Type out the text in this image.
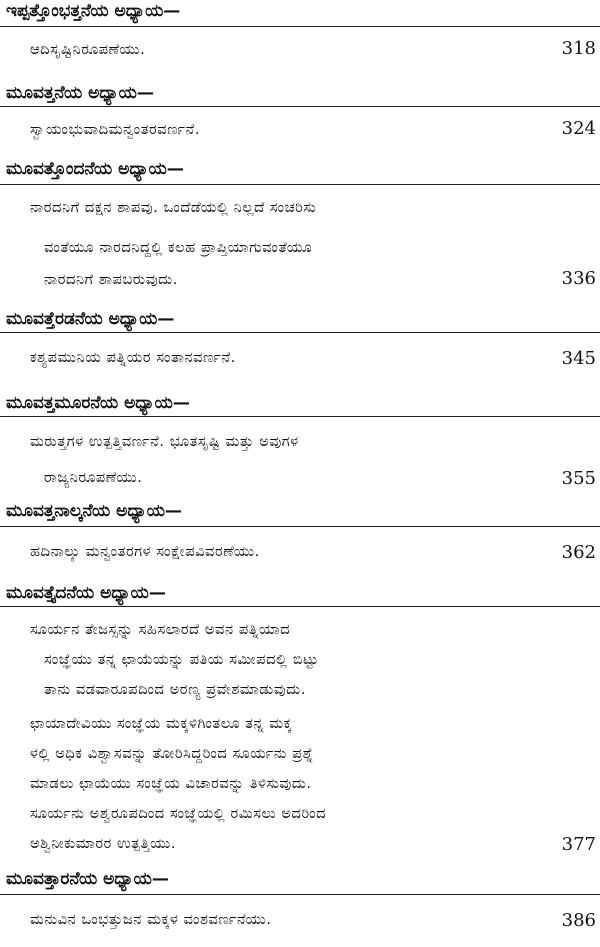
ಇಪ್ಪತ್ತೊಂಭತ್ತನೆಯ ಅಧ್ಯಾಯ—
ಆದಿಸೃಷ್ಟಿನಿರೂಪಣೆಯು.	318
ಮೂವತ್ತನೆಯ ಅಧ್ಯಾಯ—
ಸ್ವಾಯಂಭುವಾದಿಮನ್ವಂತರವರ್ಣನೆ.	324
ಮೂವತ್ತೊಂದನೆಯ ಅಧ್ಯಾಯ—
ನಾರದನಿಗೆ ದಕ್ಷನ ಶಾಪವು. ಒಂದೆಡೆಯಲ್ಲಿ ನಿಲ್ಲದೆ ಸಂಚರಿಸು
ವಂತೆಯೂ ನಾರದನಿದ್ದಲ್ಲಿ ಕಲಹ ಪ್ರಾಪ್ತಿಯಾಗುವಂತೆಯೂ
ನಾರದನಿಗೆ ಶಾಪಬರುವುದು.	336
ಮೂವತ್ತೆರಡನೆಯ ಅಧ್ಯಾಯ—
ಕಶ್ಯಪಮುನಿಯ ಪತ್ನಿಯರ ಸಂತಾನವರ್ಣನೆ.	345
ಮೂವತ್ತಮೂರನೆಯ ಅಧ್ಯಾಯ—
ಮರುತ್ತಗಳ ಉತ್ಪತ್ತಿವರ್ಣನೆ. ಭೂತಸೃಷ್ಟಿ ಮತ್ತು ಅವುಗಳ
ರಾಜ್ಯನಿರೂಪಣೆಯು.	355
ಮೂವತ್ತನಾಲ್ಕನೆಯ ಅಧ್ಯಾಯ—
ಹದಿನಾಲ್ಕು ಮನ್ವಂತರಗಳ ಸಂಕ್ಷೇಪವಿವರಣೆಯು.	362
ಮೂವತ್ತೈದನೆಯ ಅಧ್ಯಾಯ—
ಸೂರ್ಯನ ತೇಜಸ್ಸನ್ನು ಸಹಿಸಲಾರದೆ ಅವನ ಪತ್ನಿಯಾದ
ಸಂಜ್ಞೆಯು ತನ್ನ ಛಾಯೆಯನ್ನು ಪತಿಯ ಸಮೀಪದಲ್ಲಿ ಬಿಟ್ಟು
ತಾನು ವಡವಾರೂಪದಿಂದ ಅರಣ್ಯ ಪ್ರವೇಶಮಾಡುವುದು.
ಛಾಯಾದೇವಿಯು ಸಂಜ್ಞೆಯ ಮಕ್ಕಳಿಗಿಂತಲೂ ತನ್ನ ಮಕ್ಕ
ಳಲ್ಲಿ ಅಧಿಕ ವಿಶ್ವಾಸವನ್ನು ತೋರಿಸಿದ್ದರಿಂದ ಸೂರ್ಯನು ಪ್ರಶ್ನೆ
ಮಾಡಲು ಛಾಯೆಯು ಸಂಜ್ಞೆಯ ವಿಚಾರವನ್ನು ತಿಳಿಸುವುದು.
ಸೂರ್ಯನು ಅಶ್ವರೂಪದಿಂದ ಸಂಜ್ಞೆಯಲ್ಲಿ ರಮಿಸಲು ಅದರಿಂದ
ಅಶ್ವಿನೀಕುಮಾರರ ಉತ್ಪತ್ತಿಯು.	377
ಮೂವತ್ತಾರನೆಯ ಅಧ್ಯಾಯ—
ಮನುವಿನ ಒಂಭತ್ತುಜನ ಮಕ್ಕಳ ವಂಶವರ್ಣನೆಯು.	386
